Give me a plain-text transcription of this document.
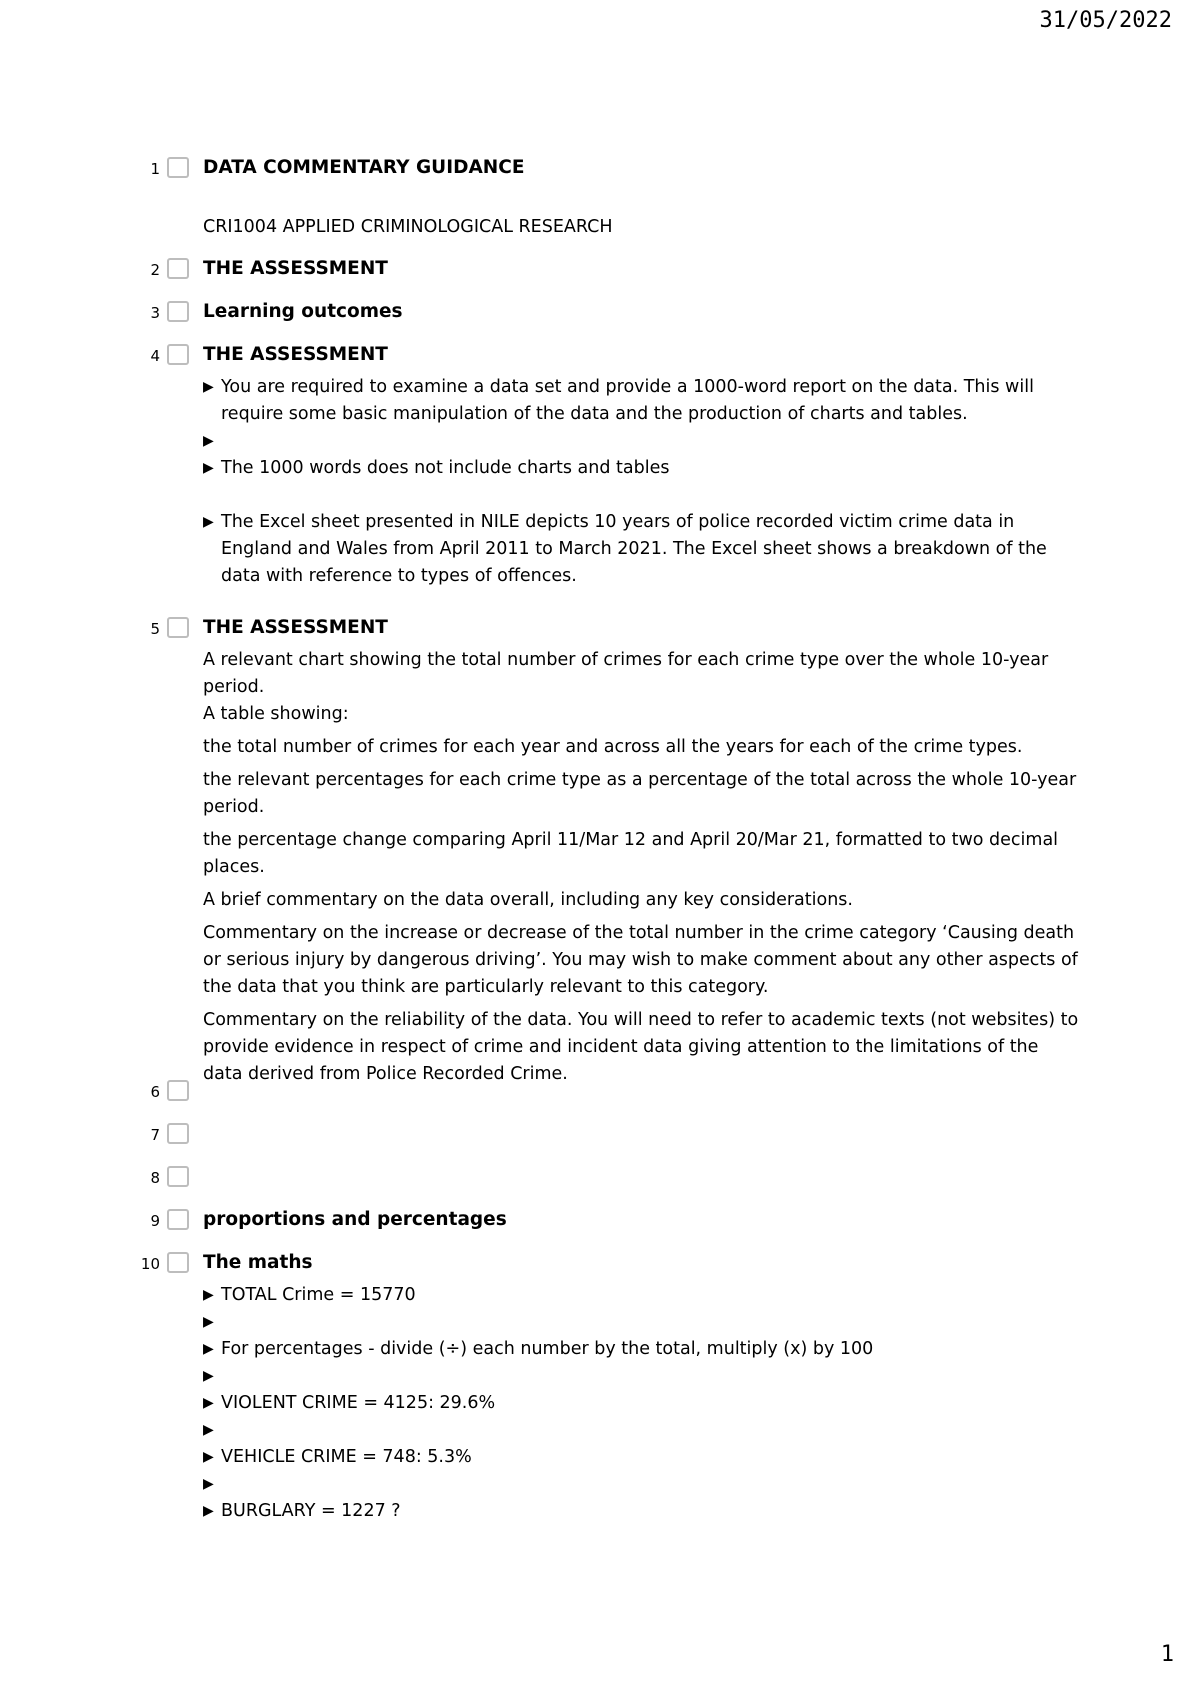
31/05/2022
1 DATA COMMENTARY GUIDANCE
CRI1004 APPLIED CRIMINOLOGICAL RESEARCH
2 THE ASSESSMENT
3 Learning outcomes
4 THE ASSESSMENT
▶ You are required to examine a data set and provide a 1000-word report on the data. This will require some basic manipulation of the data and the production of charts and tables.
▶
▶ The 1000 words does not include charts and tables
▶ The Excel sheet presented in NILE depicts 10 years of police recorded victim crime data in England and Wales from April 2011 to March 2021. The Excel sheet shows a breakdown of the data with reference to types of offences.
5 THE ASSESSMENT
A relevant chart showing the total number of crimes for each crime type over the whole 10-year period.
A table showing:
the total number of crimes for each year and across all the years for each of the crime types.
the relevant percentages for each crime type as a percentage of the total across the whole 10-year period.
the percentage change comparing April 11/Mar 12 and April 20/Mar 21, formatted to two decimal places.
A brief commentary on the data overall, including any key considerations.
Commentary on the increase or decrease of the total number in the crime category ‘Causing death or serious injury by dangerous driving’. You may wish to make comment about any other aspects of the data that you think are particularly relevant to this category.
Commentary on the reliability of the data. You will need to refer to academic texts (not websites) to provide evidence in respect of crime and incident data giving attention to the limitations of the data derived from Police Recorded Crime.
6
7
8
9 proportions and percentages
10 The maths
▶ TOTAL Crime = 15770
▶
▶ For percentages - divide (÷) each number by the total, multiply (x) by 100
▶
▶ VIOLENT CRIME = 4125: 29.6%
▶
▶ VEHICLE CRIME = 748: 5.3%
▶
▶ BURGLARY = 1227 ?
1
